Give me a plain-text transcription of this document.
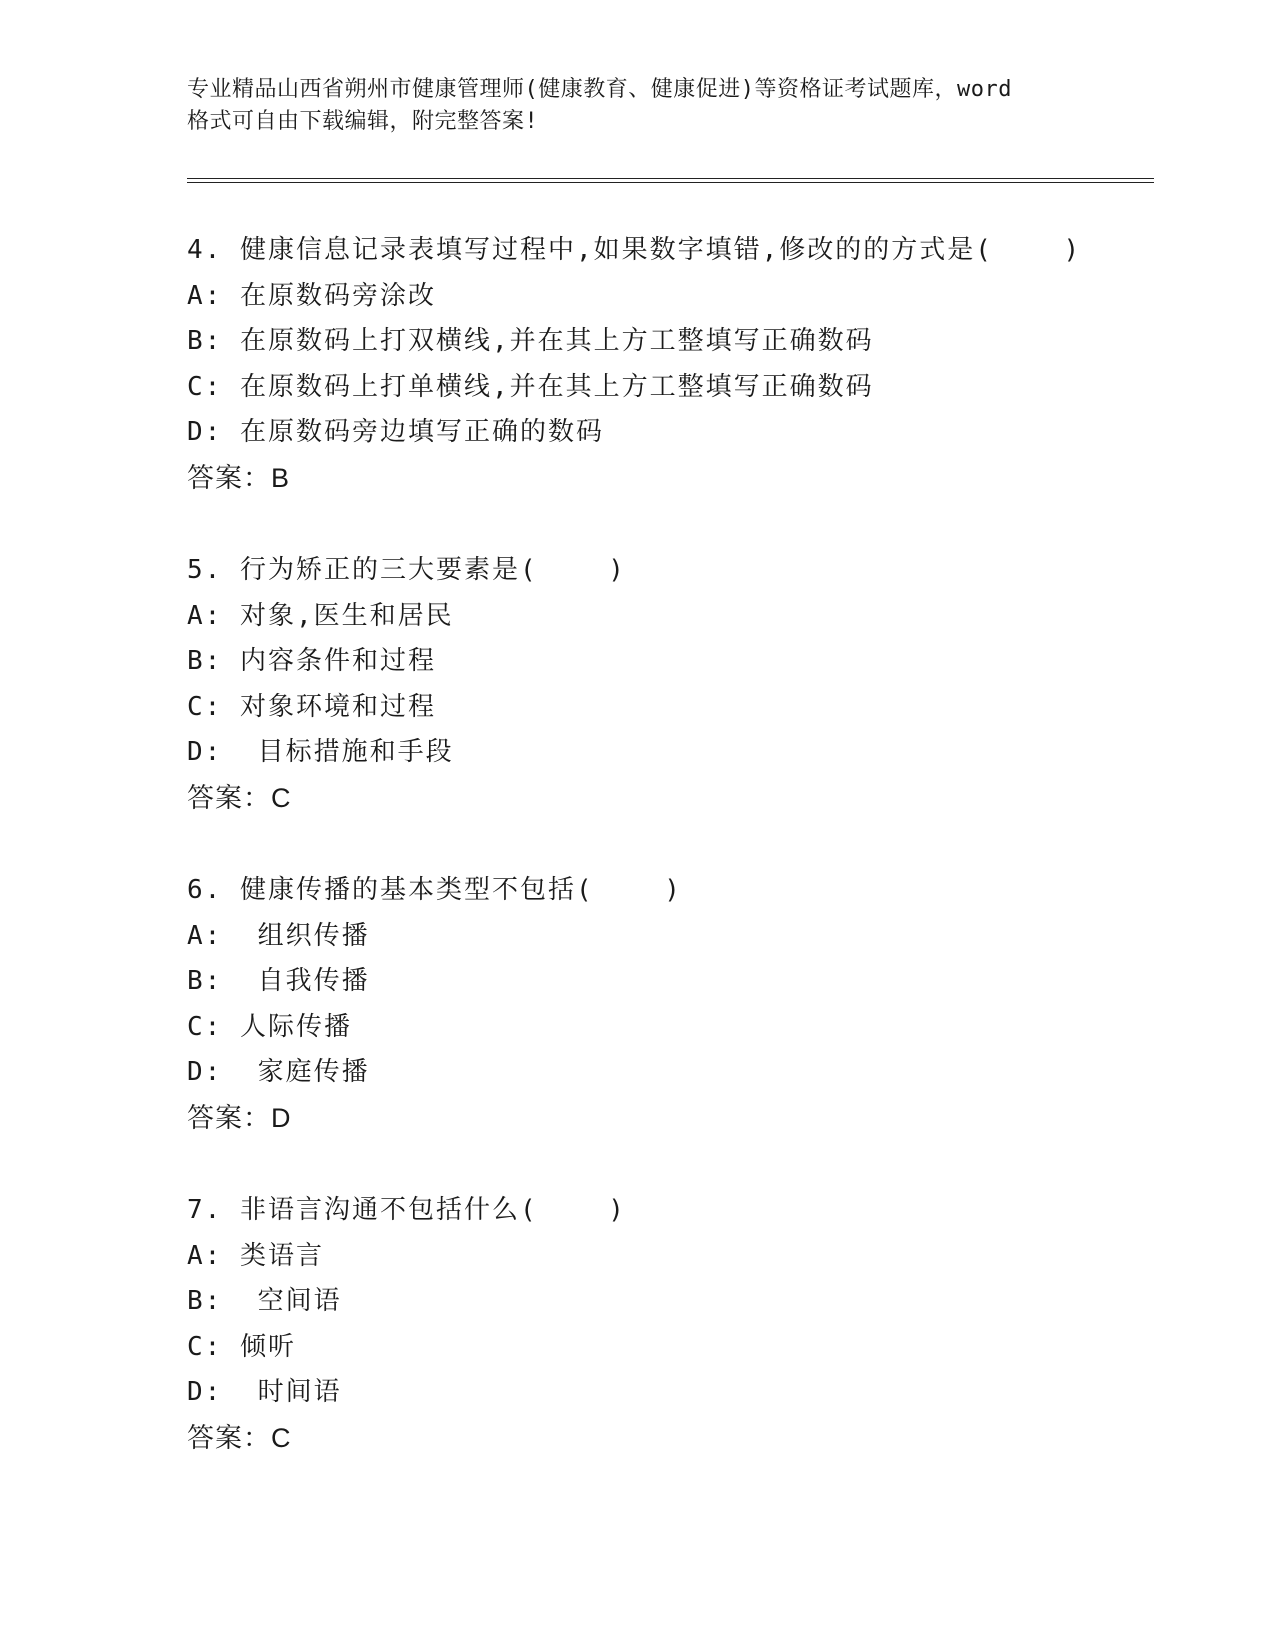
专业精品山西省朔州市健康管理师(健康教育、健康促进)等资格证考试题库，word
格式可自由下载编辑，附完整答案!
4. 健康信息记录表填写过程中,如果数字填错,修改的的方式是(    )
A: 在原数码旁涂改
B: 在原数码上打双横线,并在其上方工整填写正确数码
C: 在原数码上打单横线,并在其上方工整填写正确数码
D: 在原数码旁边填写正确的数码
答案：B
5. 行为矫正的三大要素是(    )
A: 对象,医生和居民
B: 内容条件和过程
C: 对象环境和过程
D:  目标措施和手段
答案：C
6. 健康传播的基本类型不包括(    )
A:  组织传播
B:  自我传播
C: 人际传播
D:  家庭传播
答案：D
7. 非语言沟通不包括什么(    )
A: 类语言
B:  空间语
C: 倾听
D:  时间语
答案：C
